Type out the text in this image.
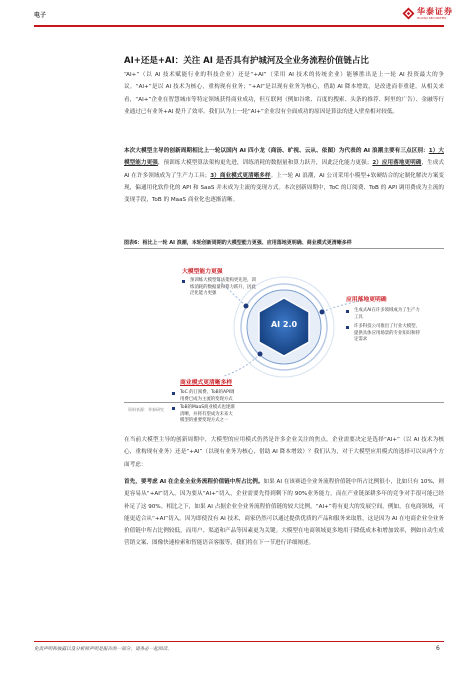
电子	华泰证券
HUATAI SECURITIES
AI+还是+AI：关注 AI 是否具有护城河及全业务流程价值链占比
“AI+”（以 AI 技术赋能行业的科技企业）还是“+AI”（采用 AI 技术的传统企业）能够胜出是上一轮 AI 投资最大的争议。“AI+”是以 AI 技术为核心，重构现有业务；“+AI”是以现有业务为核心，借助 AI 降本增效，是改进而非重建。从相关来看，“AI+”企业在智慧城市等特定领域获得商业成功，但互联网（例如谷歌、百度的搜索、头条的推荐、阿里的广告）、金融等行业通过已有业务+AI 提升了效率。我们认为上一轮“AI+”企业没有全面成功的原因是算法的进入壁垒相对较低。
本次大模型主导的创新周期相比上一轮以国内 AI 四小龙（商汤、旷视、云从、依图）为代表的 AI 浪潮主要有三点区别：1）大模型能力更强，预训练大模型算法架构更先进，训练消耗的数据量和算力跃升，因此泛化能力更强；2）应用落地更明确，生成式 AI 在许多领域成为了生产力工具；3）商业模式更清晰多样。上一轮 AI 浪潮，AI 公司采用小模型+软硬结合的定制化解决方案变现，偏通用化软件化的 API 和 SaaS 并未成为主流的变现方式。本次创新周期中，ToC 的订阅费、ToB 的 API 调用费成为主流的变现手段，ToB 的 MaaS 商业化也逐渐清晰。
图表6：相比上一轮 AI 浪潮，本轮创新周期的大模型能力更强、应用落地更明确、商业模式更清晰多样
AI 2.0
大模型能力更强
预训练大模型算法架构更先进，训练消耗的数据量和算力跃升，因此泛化能力更强
应用落地更明确
生成式AI在许多领域成为了生产力工具
许多科技公司推出了行业大模型，提供具体应用场景的专业知识和特定需求
商业模式更清晰多样
ToC 的订阅费、ToB的API调用费已成为主流的变现方式
ToB的MaaS商业模式也逐渐清晰，并将有望成为未来大模型的重要变现方式之一
资料来源：华泰研究
在当前大模型主导的创新周期中，大模型的应用模式仍然是许多企业关注的焦点。企业需要决定是选择“AI+”（以 AI 技术为核心，重构现有业务）还是“+AI”（以现有业务为核心，借助 AI 降本增效）？我们认为，对于大模型应用模式的选择可以从两个方面考虑：
首先，要考虑 AI 在企业全业务流程价值链中所占比例。如果 AI 在该赛道全业务流程价值链中所占比例很小，比如只有 10%，则更容易从“+AI”切入。因为要从“AI+”切入，企业需要先得到剩下的 90%业务能力，而在产业链深耕多年的竞争对手很可能已经补足了这 90%。相比之下，如果 AI 占据企业全业务流程价值链的较大比例，“AI+”将有更大的发展空间。例如，在电商领域，可能更适合从“+AI”切入。因为即使没有 AI 技术，商家仍然可以通过提供优质的产品和服务来取胜，这是因为 AI 在电商企业全业务价值链中所占比例较低，而用户、渠道和产品等因素更为关键。大模型在电商领域更多地用于降低成本和增加效率，例如自动生成营销文案、图像快速检索和智能语音客服等，我们将在下一节进行详细阐述。
免责声明和披露以及分析师声明是报告的一部分，请务必一起阅读。	6
